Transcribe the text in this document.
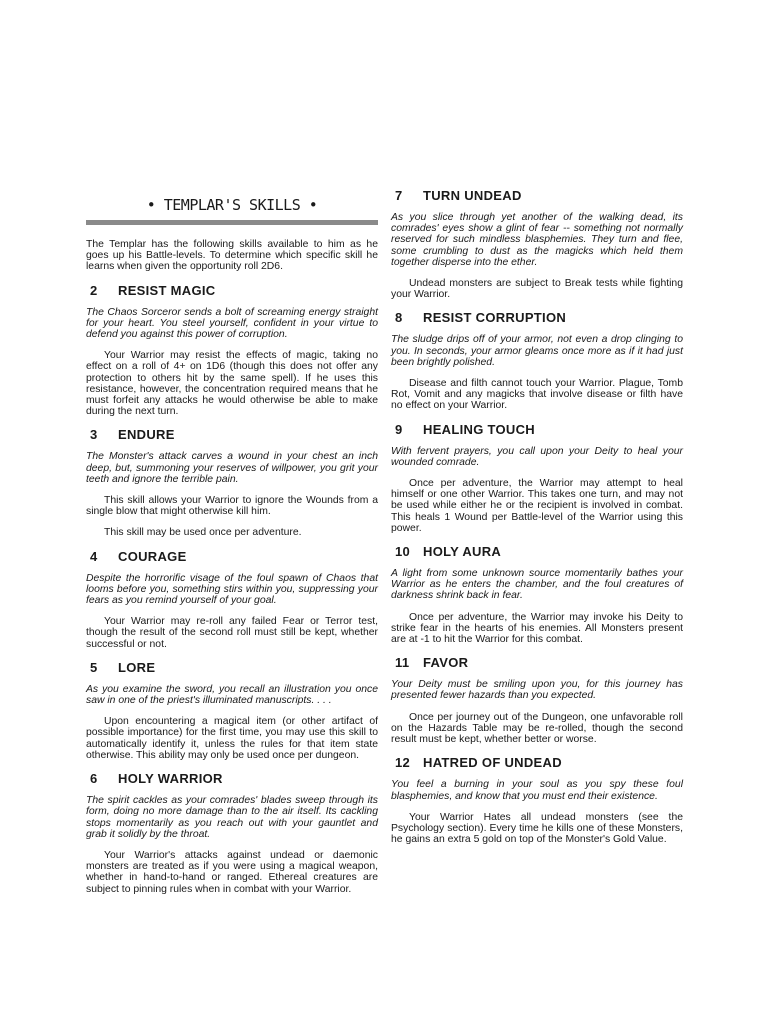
• TEMPLAR'S SKILLS •

The Templar has the following skills available to him as he goes up his Battle-levels. To determine which specific skill he learns when given the opportunity roll 2D6.

2	RESIST MAGIC

The Chaos Sorceror sends a bolt of screaming energy straight for your heart. You steel yourself, confident in your virtue to defend you against this power of corruption.

Your Warrior may resist the effects of magic, taking no effect on a roll of 4+ on 1D6 (though this does not offer any protection to others hit by the same spell). If he uses this resistance, however, the concentration required means that he must forfeit any attacks he would otherwise be able to make during the next turn.

3	ENDURE

The Monster's attack carves a wound in your chest an inch deep, but, summoning your reserves of willpower, you grit your teeth and ignore the terrible pain.

This skill allows your Warrior to ignore the Wounds from a single blow that might otherwise kill him.

This skill may be used once per adventure.

4	COURAGE

Despite the horrorific visage of the foul spawn of Chaos that looms before you, something stirs within you, suppressing your fears as you remind yourself of your goal.

Your Warrior may re-roll any failed Fear or Terror test, though the result of the second roll must still be kept, whether successful or not.

5	LORE

As you examine the sword, you recall an illustration you once saw in one of the priest's illuminated manuscripts. . . .

Upon encountering a magical item (or other artifact of possible importance) for the first time, you may use this skill to automatically identify it, unless the rules for that item state otherwise. This ability may only be used once per dungeon.

6	HOLY WARRIOR

The spirit cackles as your comrades' blades sweep through its form, doing no more damage than to the air itself. Its cackling stops momentarily as you reach out with your gauntlet and grab it solidly by the throat.

Your Warrior's attacks against undead or daemonic monsters are treated as if you were using a magical weapon, whether in hand-to-hand or ranged. Ethereal creatures are subject to pinning rules when in combat with your Warrior.

7	TURN UNDEAD

As you slice through yet another of the walking dead, its comrades' eyes show a glint of fear -- something not normally reserved for such mindless blasphemies. They turn and flee, some crumbling to dust as the magicks which held them together disperse into the ether.

Undead monsters are subject to Break tests while fighting your Warrior.

8	RESIST CORRUPTION

The sludge drips off of your armor, not even a drop clinging to you. In seconds, your armor gleams once more as if it had just been brightly polished.

Disease and filth cannot touch your Warrior. Plague, Tomb Rot, Vomit and any magicks that involve disease or filth have no effect on your Warrior.

9	HEALING TOUCH

With fervent prayers, you call upon your Deity to heal your wounded comrade.

Once per adventure, the Warrior may attempt to heal himself or one other Warrior. This takes one turn, and may not be used while either he or the recipient is involved in combat. This heals 1 Wound per Battle-level of the Warrior using this power.

10 HOLY AURA

A light from some unknown source momentarily bathes your Warrior as he enters the chamber, and the foul creatures of darkness shrink back in fear.

Once per adventure, the Warrior may invoke his Deity to strike fear in the hearts of his enemies. All Monsters present are at -1 to hit the Warrior for this combat.

11	FAVOR

Your Deity must be smiling upon you, for this journey has presented fewer hazards than you expected.

Once per journey out of the Dungeon, one unfavorable roll on the Hazards Table may be re-rolled, though the second result must be kept, whether better or worse.

12 HATRED OF UNDEAD

You feel a burning in your soul as you spy these foul blasphemies, and know that you must end their existence.

Your Warrior Hates all undead monsters (see the Psychology section). Every time he kills one of these Monsters, he gains an extra 5 gold on top of the Monster's Gold Value.
